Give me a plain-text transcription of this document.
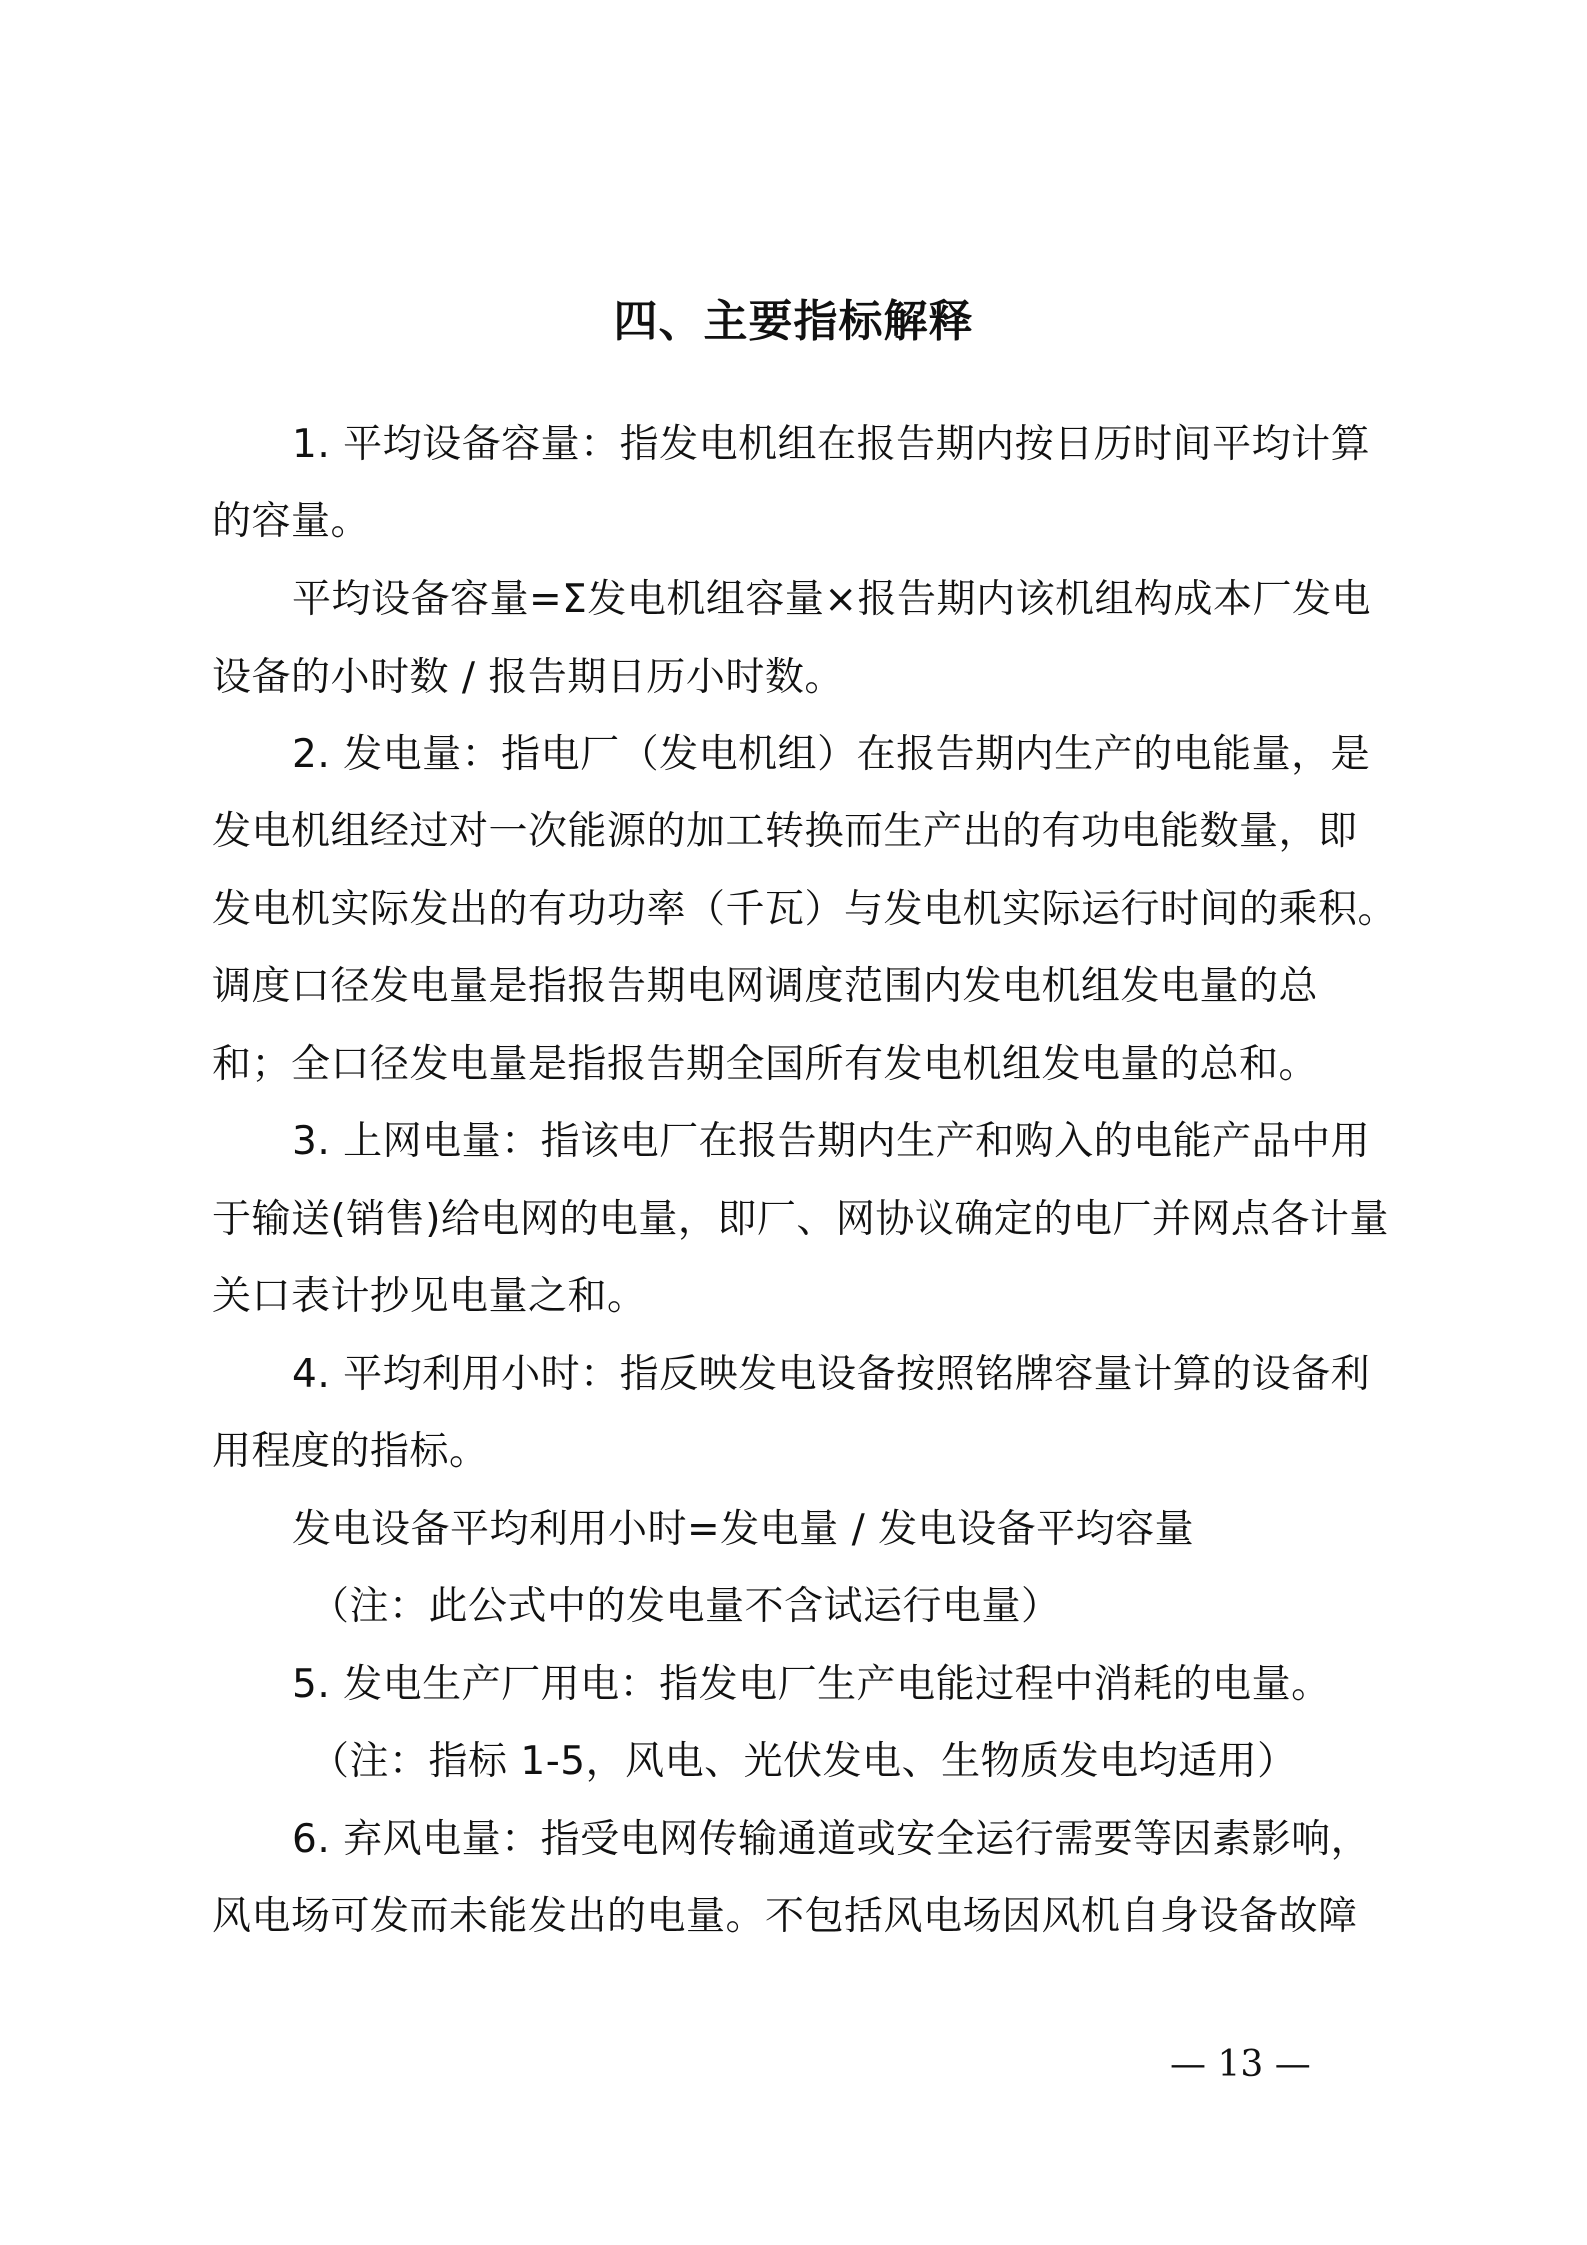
四、主要指标解释
1. 平均设备容量：指发电机组在报告期内按日历时间平均计算
的容量。
平均设备容量=Σ发电机组容量×报告期内该机组构成本厂发电
设备的小时数 / 报告期日历小时数。
2. 发电量：指电厂（发电机组）在报告期内生产的电能量，是
发电机组经过对一次能源的加工转换而生产出的有功电能数量，即
发电机实际发出的有功功率（千瓦）与发电机实际运行时间的乘积。
调度口径发电量是指报告期电网调度范围内发电机组发电量的总
和；全口径发电量是指报告期全国所有发电机组发电量的总和。
3. 上网电量：指该电厂在报告期内生产和购入的电能产品中用
于输送(销售)给电网的电量，即厂、网协议确定的电厂并网点各计量
关口表计抄见电量之和。
4. 平均利用小时：指反映发电设备按照铭牌容量计算的设备利
用程度的指标。
发电设备平均利用小时=发电量 / 发电设备平均容量
（注：此公式中的发电量不含试运行电量）
5. 发电生产厂用电：指发电厂生产电能过程中消耗的电量。
（注：指标 1-5，风电、光伏发电、生物质发电均适用）
6. 弃风电量：指受电网传输通道或安全运行需要等因素影响，
风电场可发而未能发出的电量。不包括风电场因风机自身设备故障
— 13 —
